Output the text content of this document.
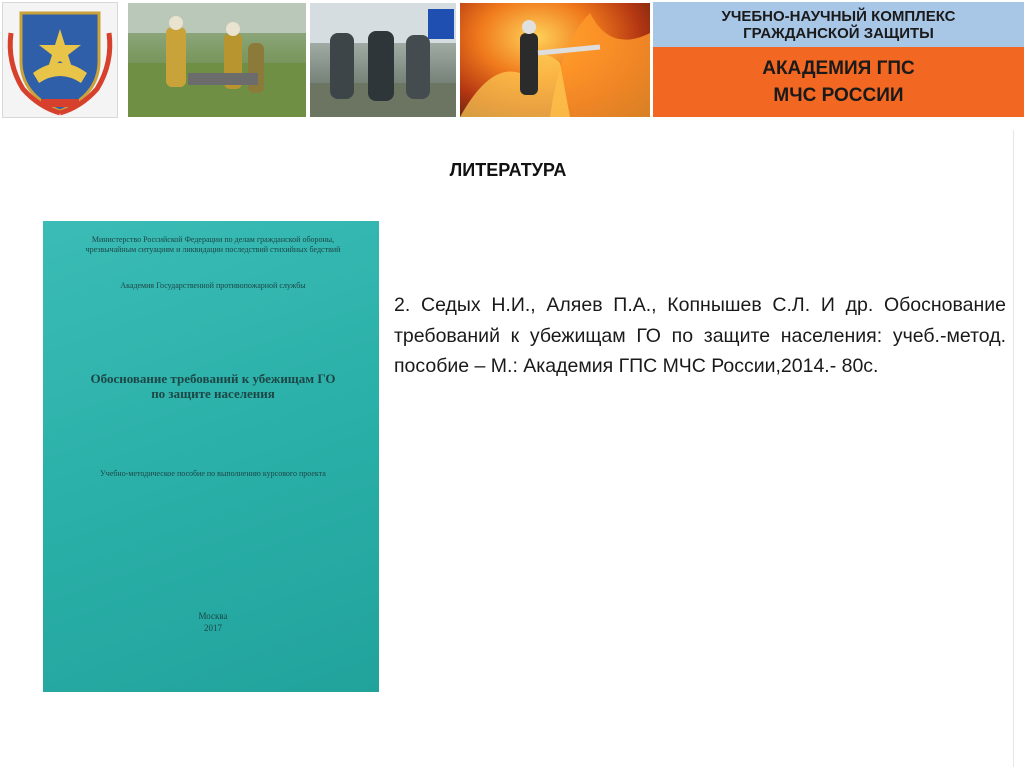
УЧЕБНО-НАУЧНЫЙ КОМПЛЕКС
ГРАЖДАНСКОЙ ЗАЩИТЫ
АКАДЕМИЯ ГПС
МЧС РОССИИ
ЛИТЕРАТУРА
Министерство Российской Федерации по делам гражданской обороны, чрезвычайным ситуациям и ликвидации последствий стихийных бедствий
Академия Государственной противопожарной службы
Обоснование требований к убежищам ГО по защите населения
Учебно-методическое пособие по выполнению курсового проекта
Москва
2017
2. Седых Н.И., Аляев П.А., Копнышев С.Л. И др. Обоснование требований к убежищам ГО по защите населения: учеб.-метод. пособие – М.: Академия ГПС МЧС России,2014.- 80с.
